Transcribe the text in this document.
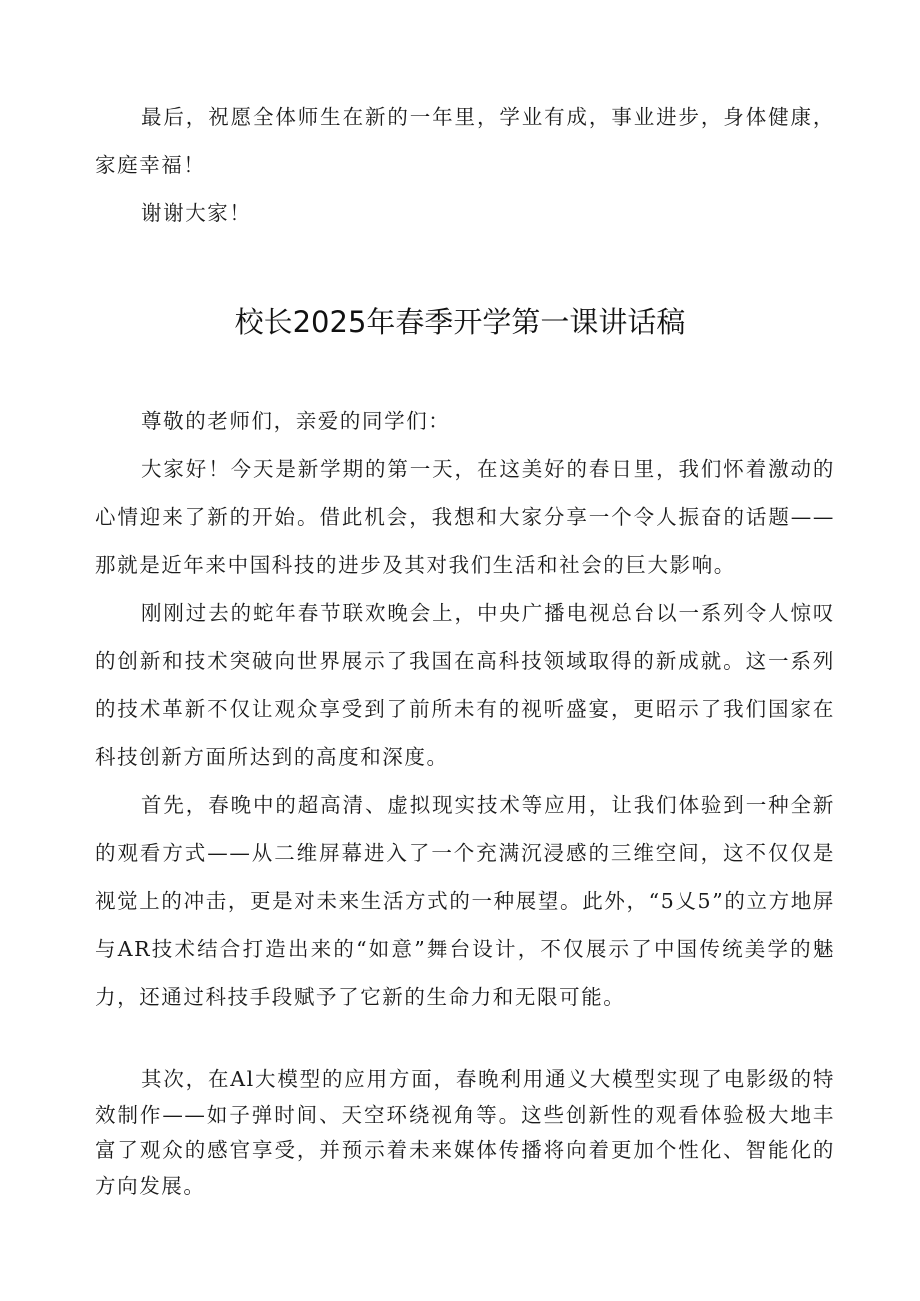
最后，祝愿全体师生在新的一年里，学业有成，事业进步，身体健康，家庭幸福！

谢谢大家！

校长2025年春季开学第一课讲话稿

尊敬的老师们，亲爱的同学们：

大家好！今天是新学期的第一天，在这美好的春日里，我们怀着激动的心情迎来了新的开始。借此机会，我想和大家分享一个令人振奋的话题——那就是近年来中国科技的进步及其对我们生活和社会的巨大影响。

刚刚过去的蛇年春节联欢晚会上，中央广播电视总台以一系列令人惊叹的创新和技术突破向世界展示了我国在高科技领域取得的新成就。这一系列的技术革新不仅让观众享受到了前所未有的视听盛宴，更昭示了我们国家在科技创新方面所达到的高度和深度。

首先，春晚中的超高清、虚拟现实技术等应用，让我们体验到一种全新的观看方式——从二维屏幕进入了一个充满沉浸感的三维空间，这不仅仅是视觉上的冲击，更是对未来生活方式的一种展望。此外，“5乂5”的立方地屏与AR技术结合打造出来的“如意”舞台设计，不仅展示了中国传统美学的魅力，还通过科技手段赋予了它新的生命力和无限可能。

其次，在Al大模型的应用方面，春晚利用通义大模型实现了电影级的特效制作——如子弹时间、天空环绕视角等。这些创新性的观看体验极大地丰富了观众的感官享受，并预示着未来媒体传播将向着更加个性化、智能化的方向发展。
